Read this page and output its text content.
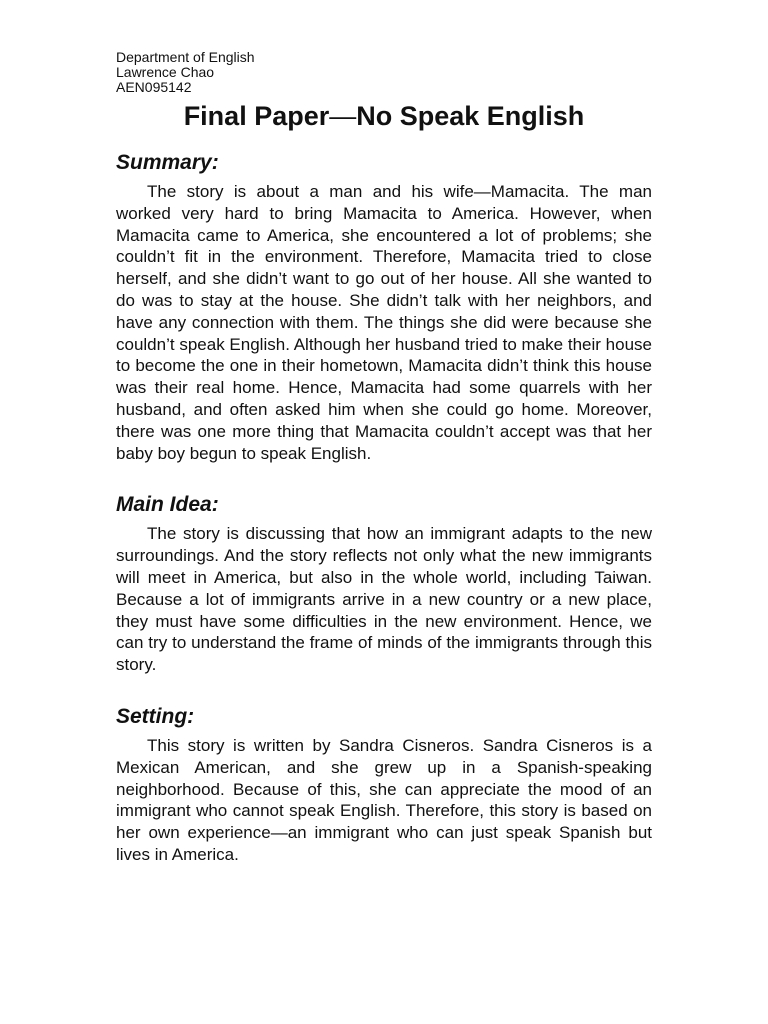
Department of English
Lawrence Chao
AEN095142
Final Paper—No Speak English
Summary:

The story is about a man and his wife—Mamacita. The man worked very hard to bring Mamacita to America. However, when Mamacita came to America, she encountered a lot of problems; she couldn’t fit in the environment. Therefore, Mamacita tried to close herself, and she didn’t want to go out of her house. All she wanted to do was to stay at the house. She didn’t talk with her neighbors, and have any connection with them. The things she did were because she couldn’t speak English. Although her husband tried to make their house to become the one in their hometown, Mamacita didn’t think this house was their real home. Hence, Mamacita had some quarrels with her husband, and often asked him when she could go home. Moreover, there was one more thing that Mamacita couldn’t accept was that her baby boy begun to speak English.

Main Idea:

The story is discussing that how an immigrant adapts to the new surroundings. And the story reflects not only what the new immigrants will meet in America, but also in the whole world, including Taiwan. Because a lot of immigrants arrive in a new country or a new place, they must have some difficulties in the new environment. Hence, we can try to understand the frame of minds of the immigrants through this story.

Setting:

This story is written by Sandra Cisneros. Sandra Cisneros is a Mexican American, and she grew up in a Spanish-speaking neighborhood. Because of this, she can appreciate the mood of an immigrant who cannot speak English. Therefore, this story is based on her own experience—an immigrant who can just speak Spanish but lives in America.
